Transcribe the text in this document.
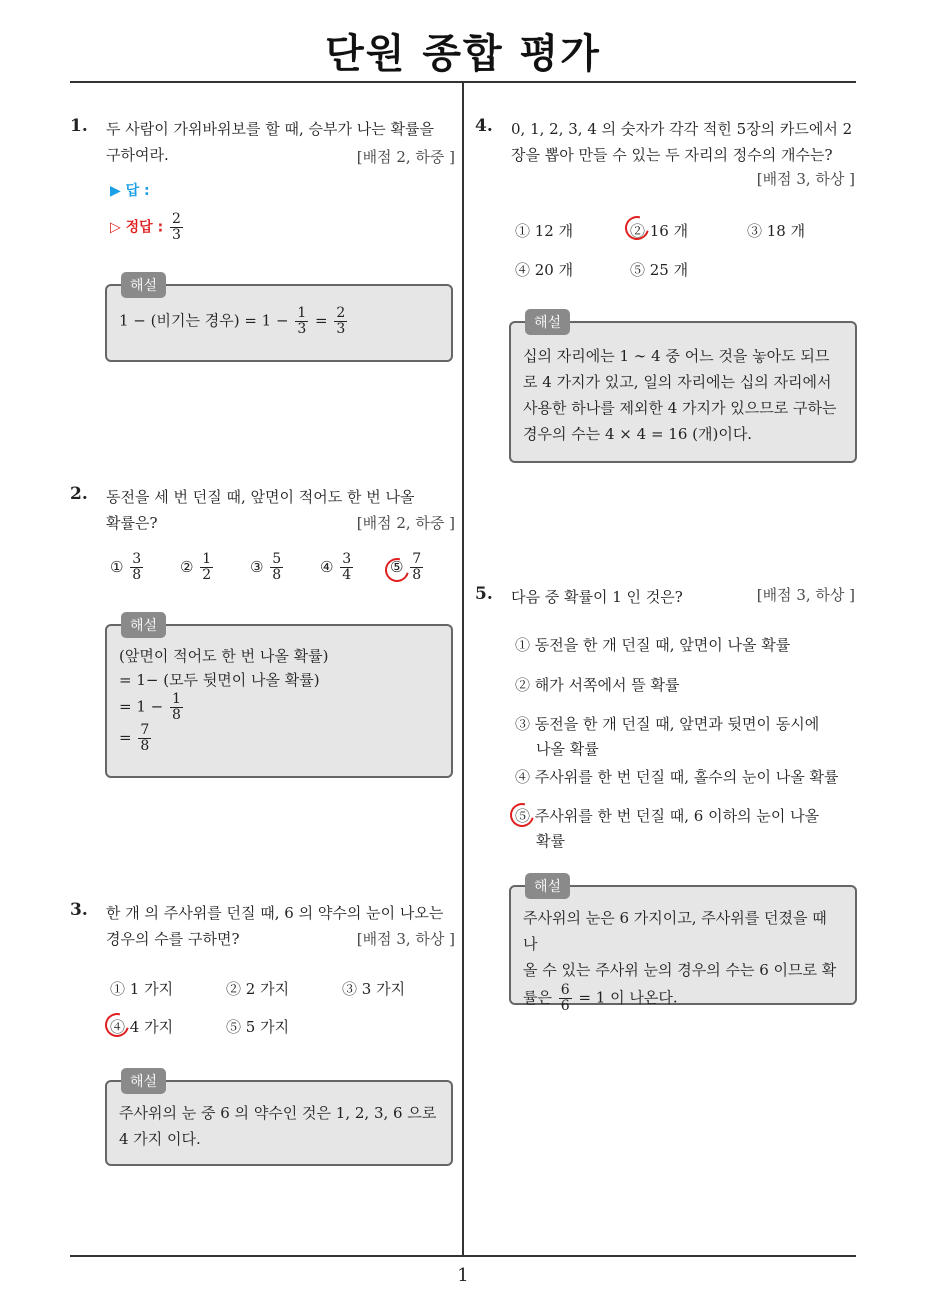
단원 종합 평가
1. 두 사람이 가위바위보를 할 때, 승부가 나는 확률을
구하여라.	[배점 2, 하중 ]
▶ 답 :
▷ 정답 : $\frac{2}{3}$
해설
1 − (비기는 경우) = $1 - \frac{1}{3} = \frac{2}{3}$
2. 동전을 세 번 던질 때, 앞면이 적어도 한 번 나올
확률은?	[배점 2, 하중 ]
① $\frac{3}{8}$ ② $\frac{1}{2}$ ③ $\frac{5}{8}$ ④ $\frac{3}{4}$ ⑤ $\frac{7}{8}$
해설
(앞면이 적어도 한 번 나올 확률)
= 1− (모두 뒷면이 나올 확률)
= $1 - \frac{1}{8}$
= $\frac{7}{8}$
3. 한 개 의 주사위를 던질 때, 6 의 약수의 눈이 나오는
경우의 수를 구하면?	[배점 3, 하상 ]
① 1 가지	② 2 가지	③ 3 가지
④ 4 가지	⑤ 5 가지
해설
주사위의 눈 중 6 의 약수인 것은 1, 2, 3, 6 으로
4 가지 이다.
4. 0, 1, 2, 3, 4 의 숫자가 각각 적힌 5장의 카드에서 2
장을 뽑아 만들 수 있는 두 자리의 정수의 개수는?
[배점 3, 하상 ]
① 12 개	② 16 개	③ 18 개
④ 20 개	⑤ 25 개
해설
십의 자리에는 1 ∼ 4 중 어느 것을 놓아도 되므
로 4 가지가 있고, 일의 자리에는 십의 자리에서
사용한 하나를 제외한 4 가지가 있으므로 구하는
경우의 수는 4 × 4 = 16 (개)이다.
5. 다음 중 확률이 1 인 것은?	[배점 3, 하상 ]
① 동전을 한 개 던질 때, 앞면이 나올 확률
② 해가 서쪽에서 뜰 확률
③ 동전을 한 개 던질 때, 앞면과 뒷면이 동시에
나올 확률
④ 주사위를 한 번 던질 때, 홀수의 눈이 나올 확률
⑤ 주사위를 한 번 던질 때, 6 이하의 눈이 나올
확률
해설
주사위의 눈은 6 가지이고, 주사위를 던졌을 때 나
올 수 있는 주사위 눈의 경우의 수는 6 이므로 확
률은 $\frac{6}{6} = 1$ 이 나온다.
1
